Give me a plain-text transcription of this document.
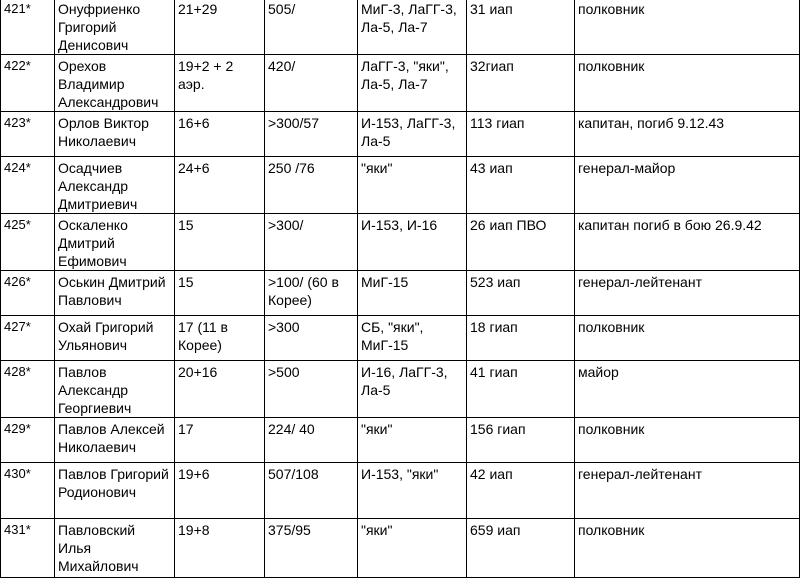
421*	Онуфриенко Григорий Денисович	21+29	505/	МиГ-3, ЛаГГ-3, Ла-5, Ла-7	31 иап	полковник
422*	Орехов Владимир Александрович	19+2 + 2 аэр.	420/	ЛаГГ-3, "яки", Ла-5, Ла-7	32гиап	полковник
423*	Орлов Виктор Николаевич	16+6	>300/57	И-153, ЛаГГ-3, Ла-5	113 гиап	капитан, погиб 9.12.43
424*	Осадчиев Александр Дмитриевич	24+6	250 /76	"яки"	43 иап	генерал-майор
425*	Оскаленко Дмитрий Ефимович	15	>300/	И-153, И-16	26 иап ПВО	капитан погиб в бою 26.9.42
426*	Оськин Дмитрий Павлович	15	>100/ (60 в Корее)	МиГ-15	523 иап	генерал-лейтенант
427*	Охай Григорий Ульянович	17 (11 в Корее)	>300	СБ, "яки", МиГ-15	18 гиап	полковник
428*	Павлов Александр Георгиевич	20+16	>500	И-16, ЛаГГ-3, Ла-5	41 гиап	майор
429*	Павлов Алексей Николаевич	17	224/ 40	"яки"	156 гиап	полковник
430*	Павлов Григорий Родионович	19+6	507/108	И-153, "яки"	42 иап	генерал-лейтенант
431*	Павловский Илья Михайлович	19+8	375/95	"яки"	659 иап	полковник
